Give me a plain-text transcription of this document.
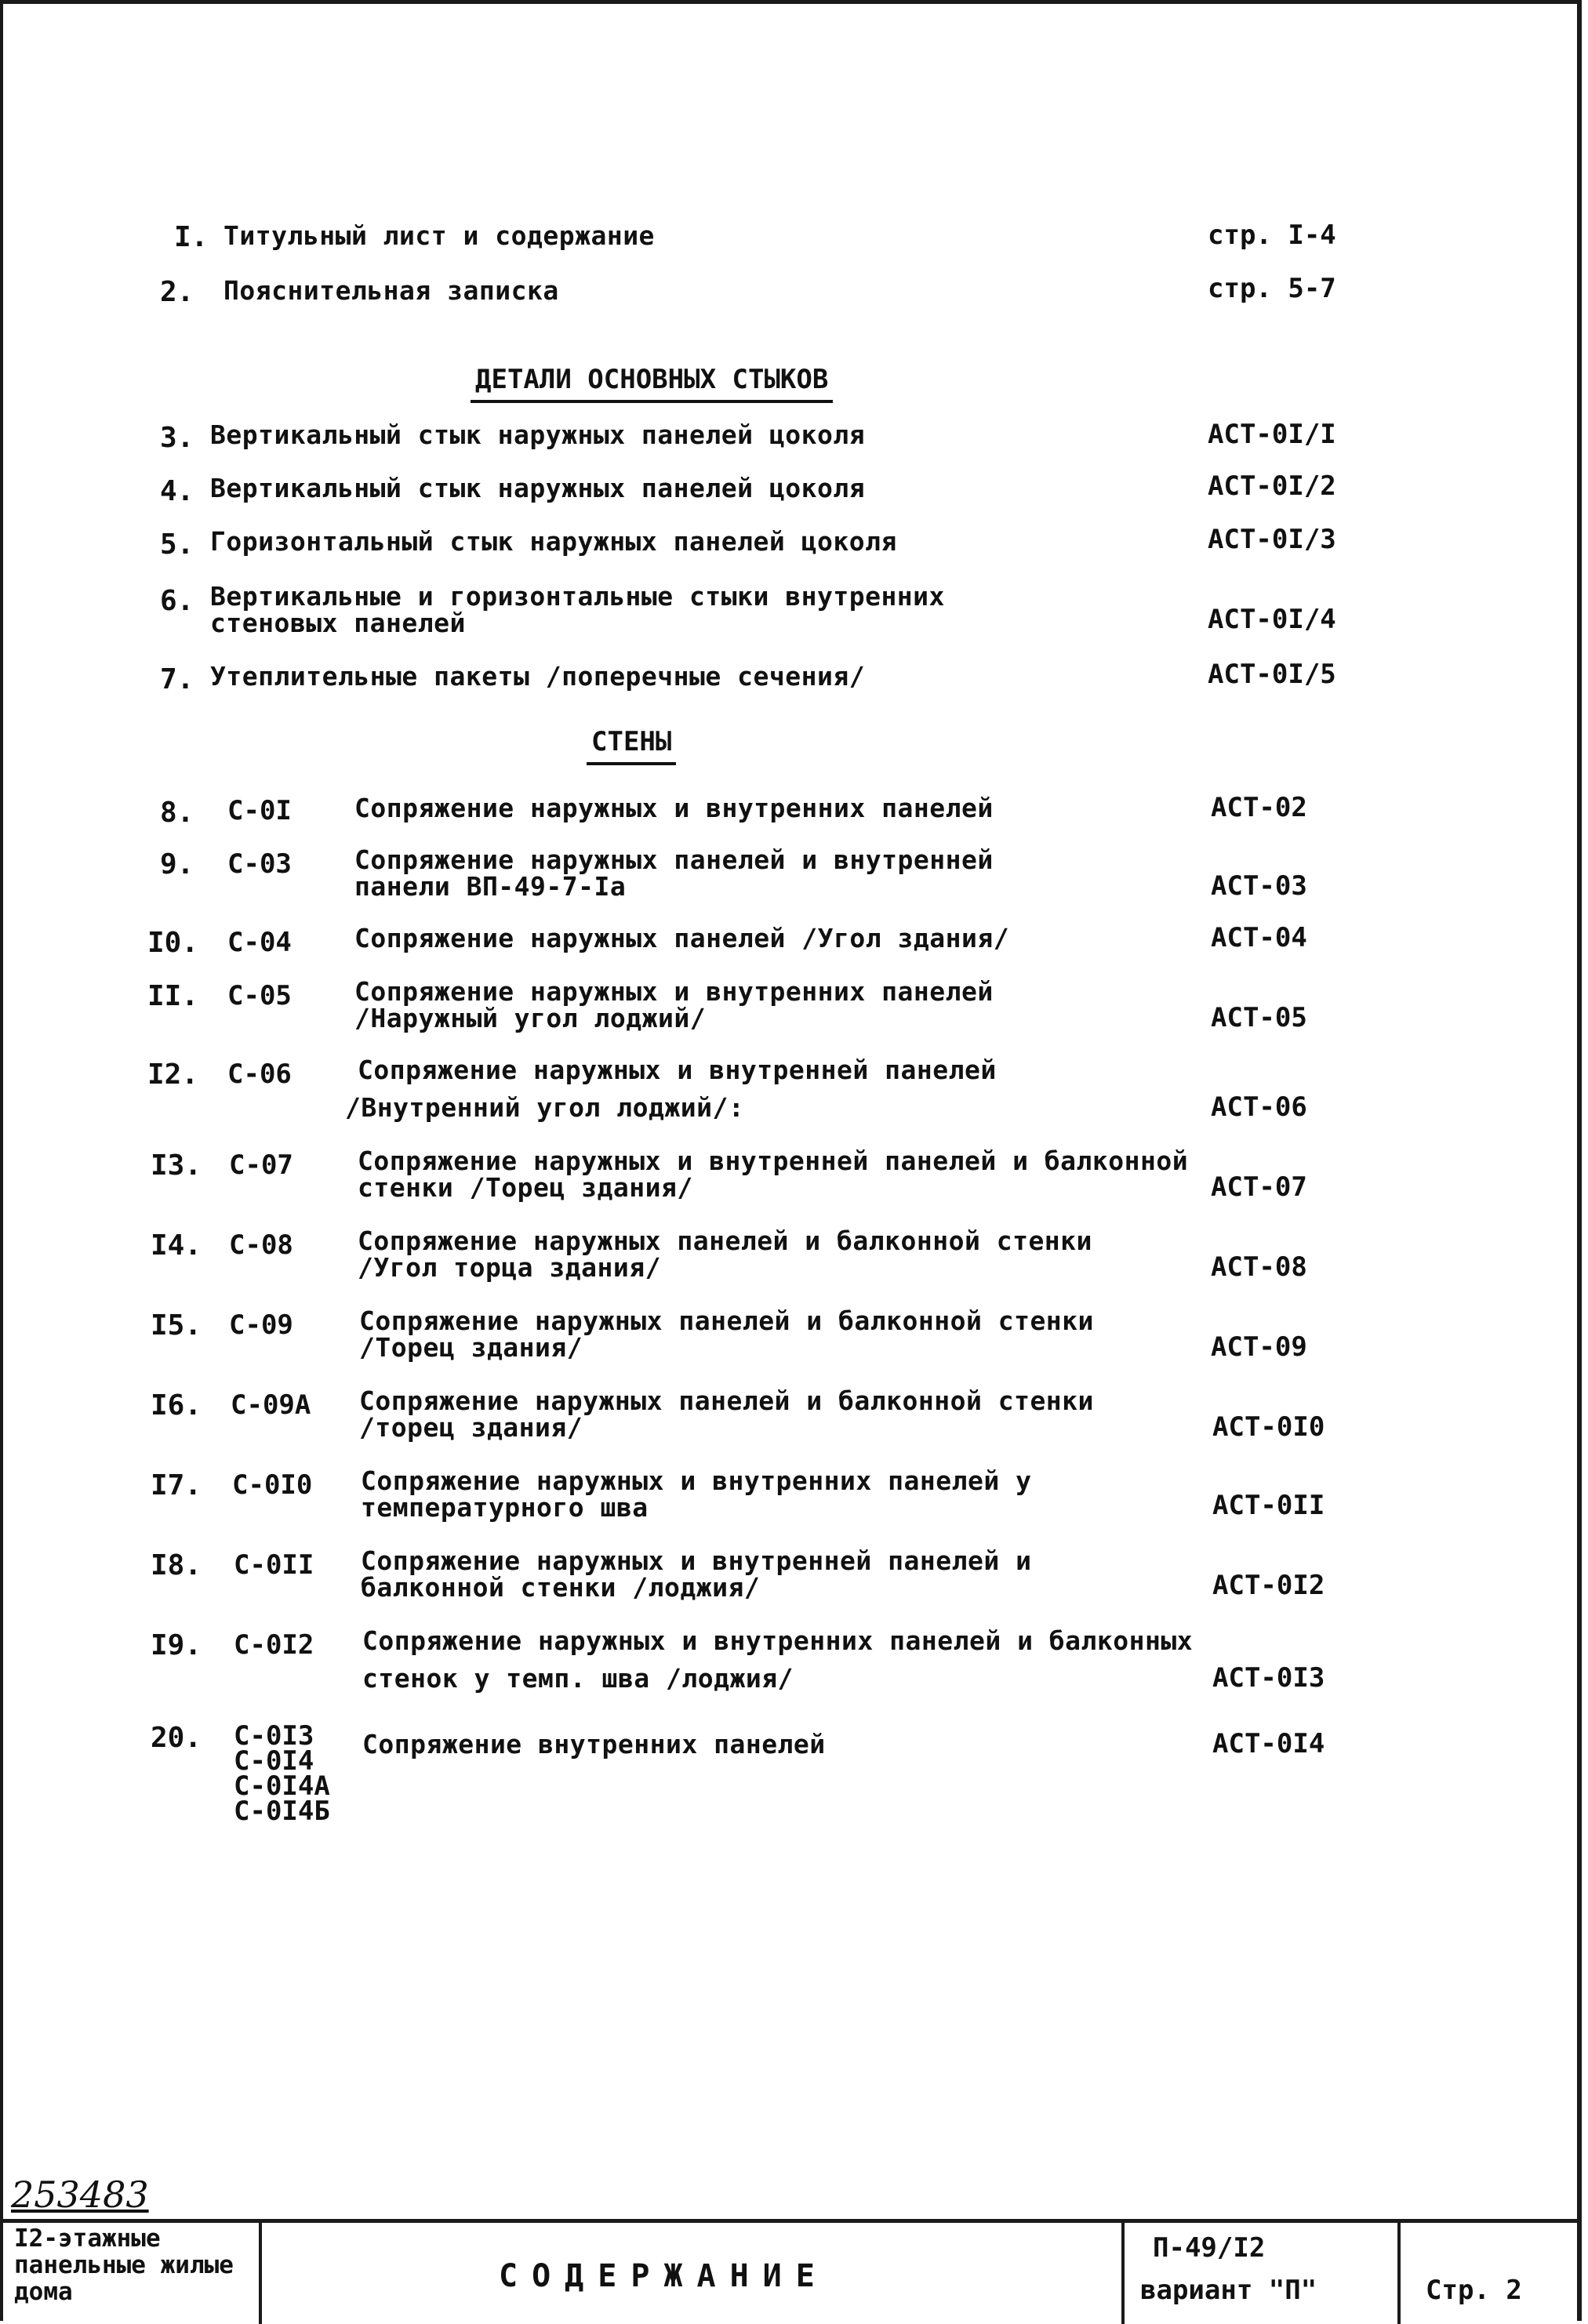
I. Титульный лист и содержание	стр. I-4
2. Пояснительная записка	стр. 5-7
ДЕТАЛИ ОСНОВНЫХ СТЫКОВ
3. Вертикальный стык наружных панелей цоколя	АСТ-0I/I
4. Вертикальный стык наружных панелей цоколя	АСТ-0I/2
5. Горизонтальный стык наружных панелей цоколя	АСТ-0I/3
6. Вертикальные и горизонтальные стыки внутренних
стеновых панелей	АСТ-0I/4
7. Утеплительные пакеты /поперечные сечения/	АСТ-0I/5
СТЕНЫ
8. С-0I Сопряжение наружных и внутренних панелей	АСТ-02
9. С-03 Сопряжение наружных панелей и внутренней
панели ВП-49-7-Iа	АСТ-03
I0. С-04 Сопряжение наружных панелей /Угол здания/	АСТ-04
II. С-05 Сопряжение наружных и внутренних панелей
/Наружный угол лоджий/	АСТ-05
I2. С-06	Сопряжение наружных и внутренней панелей
/Внутренний угол лоджий/:	АСТ-06
I3. С-07 Сопряжение наружных и внутренней панелей и балконной
стенки /Торец здания/	АСТ-07
I4. С-08 Сопряжение наружных панелей и балконной стенки
/Угол торца здания/	АСТ-08
I5. С-09	Сопряжение наружных панелей и балконной стенки
/Торец здания/	АСТ-09
I6. С-09А Сопряжение наружных панелей и балконной стенки
/торец здания/	АСТ-0I0
I7. С-0I0 Сопряжение наружных и внутренних панелей у
температурного шва	АСТ-0II
I8. С-0II Сопряжение наружных и внутренней панелей и
балконной стенки /лоджия/	АСТ-0I2
I9. С-0I2 Сопряжение наружных и внутренних панелей и балконных
стенок у темп. шва /лоджия/	АСТ-0I3
20. С-0I3
С-0I4
С-0I4А
С-0I4Б
Сопряжение внутренних панелей	АСТ-0I4
253483
I2-этажные панельные жилые дома	СОДЕРЖАНИЕ
П-49/I2
вариант "П"	Стр. 2
